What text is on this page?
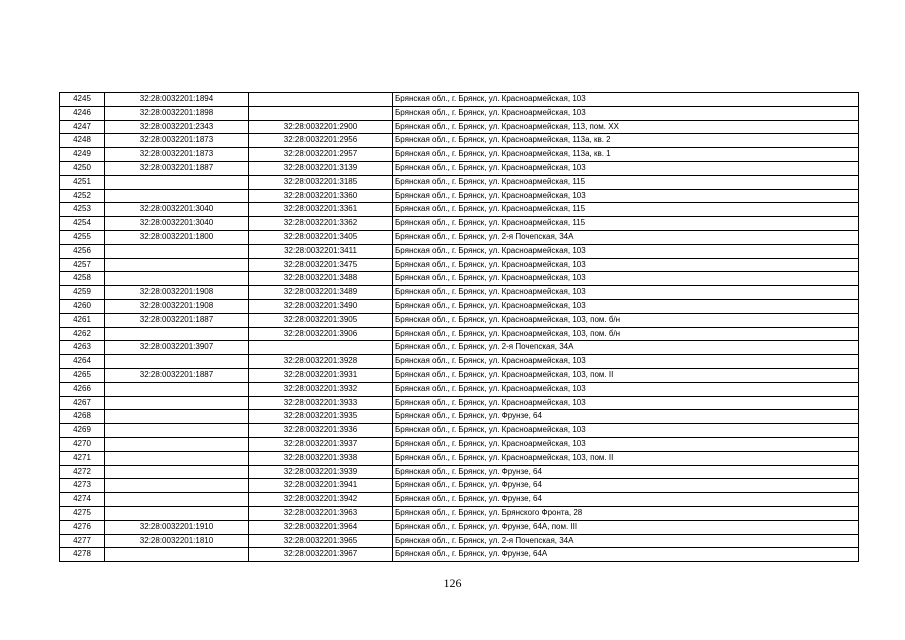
4245	32:28:0032201:1894		Брянская обл., г. Брянск, ул. Красноармейская, 103
4246	32:28:0032201:1898		Брянская обл., г. Брянск, ул. Красноармейская, 103
4247	32:28:0032201:2343	32:28:0032201:2900	Брянская обл., г. Брянск, ул. Красноармейская, 113, пом. XX
4248	32:28:0032201:1873	32:28:0032201:2956	Брянская обл., г. Брянск, ул. Красноармейская, 113а, кв. 2
4249	32:28:0032201:1873	32:28:0032201:2957	Брянская обл., г. Брянск, ул. Красноармейская, 113а, кв. 1
4250	32:28:0032201:1887	32:28:0032201:3139	Брянская обл., г. Брянск, ул. Красноармейская, 103
4251		32:28:0032201:3185	Брянская обл., г. Брянск, ул. Красноармейская, 115
4252		32:28:0032201:3360	Брянская обл., г. Брянск, ул. Красноармейская, 103
4253	32:28:0032201:3040	32:28:0032201:3361	Брянская обл., г. Брянск, ул. Красноармейская, 115
4254	32:28:0032201:3040	32:28:0032201:3362	Брянская обл., г. Брянск, ул. Красноармейская, 115
4255	32:28:0032201:1800	32:28:0032201:3405	Брянская обл., г. Брянск, ул. 2-я Почепская, 34А
4256		32:28:0032201:3411	Брянская обл., г. Брянск, ул. Красноармейская, 103
4257		32:28:0032201:3475	Брянская обл., г. Брянск, ул. Красноармейская, 103
4258		32:28:0032201:3488	Брянская обл., г. Брянск, ул. Красноармейская, 103
4259	32:28:0032201:1908	32:28:0032201:3489	Брянская обл., г. Брянск, ул. Красноармейская, 103
4260	32:28:0032201:1908	32:28:0032201:3490	Брянская обл., г. Брянск, ул. Красноармейская, 103
4261	32:28:0032201:1887	32:28:0032201:3905	Брянская обл., г. Брянск, ул. Красноармейская, 103, пом. б/н
4262		32:28:0032201:3906	Брянская обл., г. Брянск, ул. Красноармейская, 103, пом. б/н
4263	32:28:0032201:3907		Брянская обл., г. Брянск, ул. 2-я Почепская, 34А
4264		32:28:0032201:3928	Брянская обл., г. Брянск, ул. Красноармейская, 103
4265	32:28:0032201:1887	32:28:0032201:3931	Брянская обл., г. Брянск, ул. Красноармейская, 103, пом. II
4266		32:28:0032201:3932	Брянская обл., г. Брянск, ул. Красноармейская, 103
4267		32:28:0032201:3933	Брянская обл., г. Брянск, ул. Красноармейская, 103
4268		32:28:0032201:3935	Брянская обл., г. Брянск, ул. Фрунзе, 64
4269		32:28:0032201:3936	Брянская обл., г. Брянск, ул. Красноармейская, 103
4270		32:28:0032201:3937	Брянская обл., г. Брянск, ул. Красноармейская, 103
4271		32:28:0032201:3938	Брянская обл., г. Брянск, ул. Красноармейская, 103, пом. II
4272		32:28:0032201:3939	Брянская обл., г. Брянск, ул. Фрунзе, 64
4273		32:28:0032201:3941	Брянская обл., г. Брянск, ул. Фрунзе, 64
4274		32:28:0032201:3942	Брянская обл., г. Брянск, ул. Фрунзе, 64
4275		32:28:0032201:3963	Брянская обл., г. Брянск, ул. Брянского Фронта, 28
4276	32:28:0032201:1910	32:28:0032201:3964	Брянская обл., г. Брянск, ул. Фрунзе, 64А, пом. III
4277	32:28:0032201:1810	32:28:0032201:3965	Брянская обл., г. Брянск, ул. 2-я Почепская, 34А
4278		32:28:0032201:3967	Брянская обл., г. Брянск, ул. Фрунзе, 64А
126
